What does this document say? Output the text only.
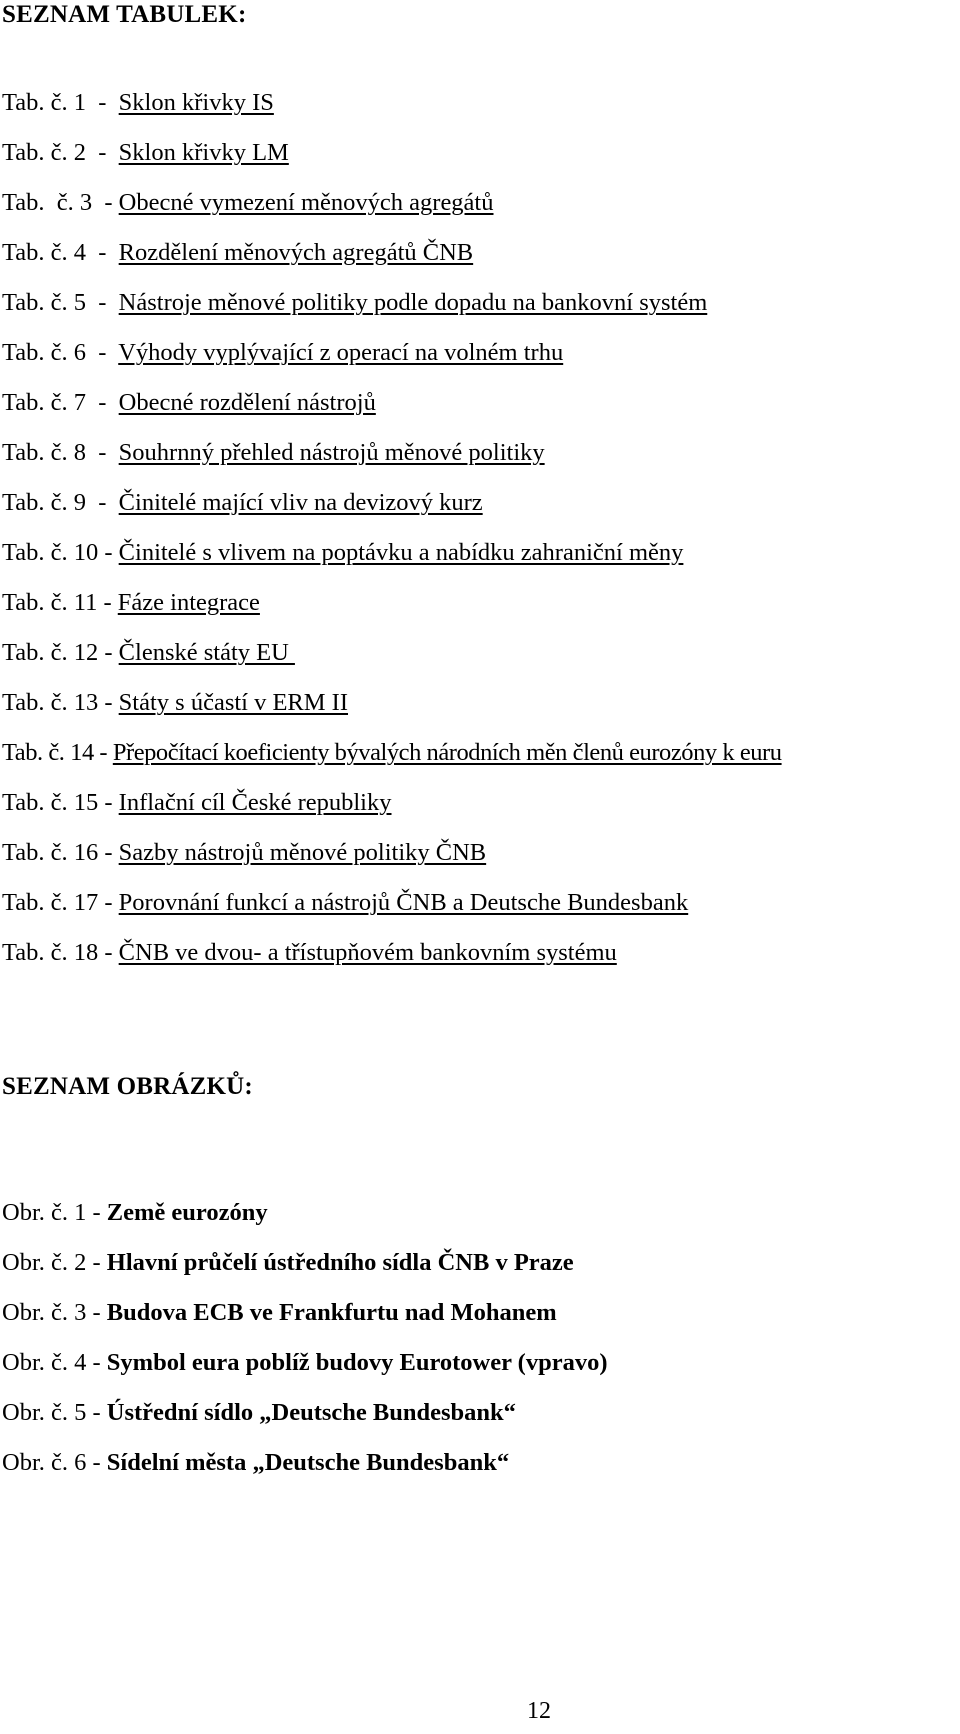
SEZNAM TABULEK:
Tab. č. 1  -  Sklon křivky IS
Tab. č. 2  -  Sklon křivky LM
Tab.  č. 3  - Obecné vymezení měnových agregátů
Tab. č. 4  -  Rozdělení měnových agregátů ČNB
Tab. č. 5  -  Nástroje měnové politiky podle dopadu na bankovní systém
Tab. č. 6  -  Výhody vyplývající z operací na volném trhu
Tab. č. 7  -  Obecné rozdělení nástrojů
Tab. č. 8  -  Souhrnný přehled nástrojů měnové politiky
Tab. č. 9  -  Činitelé mající vliv na devizový kurz
Tab. č. 10 - Činitelé s vlivem na poptávku a nabídku zahraniční měny
Tab. č. 11 - Fáze integrace
Tab. č. 12 - Členské státy EU
Tab. č. 13 - Státy s účastí v ERM II
Tab. č. 14 - Přepočítací koeficienty bývalých národních měn členů eurozóny k euru
Tab. č. 15 - Inflační cíl České republiky
Tab. č. 16 - Sazby nástrojů měnové politiky ČNB
Tab. č. 17 - Porovnání funkcí a nástrojů ČNB a Deutsche Bundesbank
Tab. č. 18 - ČNB ve dvou- a třístupňovém bankovním systému
SEZNAM OBRÁZKŮ:
Obr. č. 1 - Země eurozóny
Obr. č. 2 - Hlavní průčelí ústředního sídla ČNB v Praze
Obr. č. 3 - Budova ECB ve Frankfurtu nad Mohanem
Obr. č. 4 - Symbol eura poblíž budovy Eurotower (vpravo)
Obr. č. 5 - Ústřední sídlo „Deutsche Bundesbank“
Obr. č. 6 - Sídelní města „Deutsche Bundesbank“
12
